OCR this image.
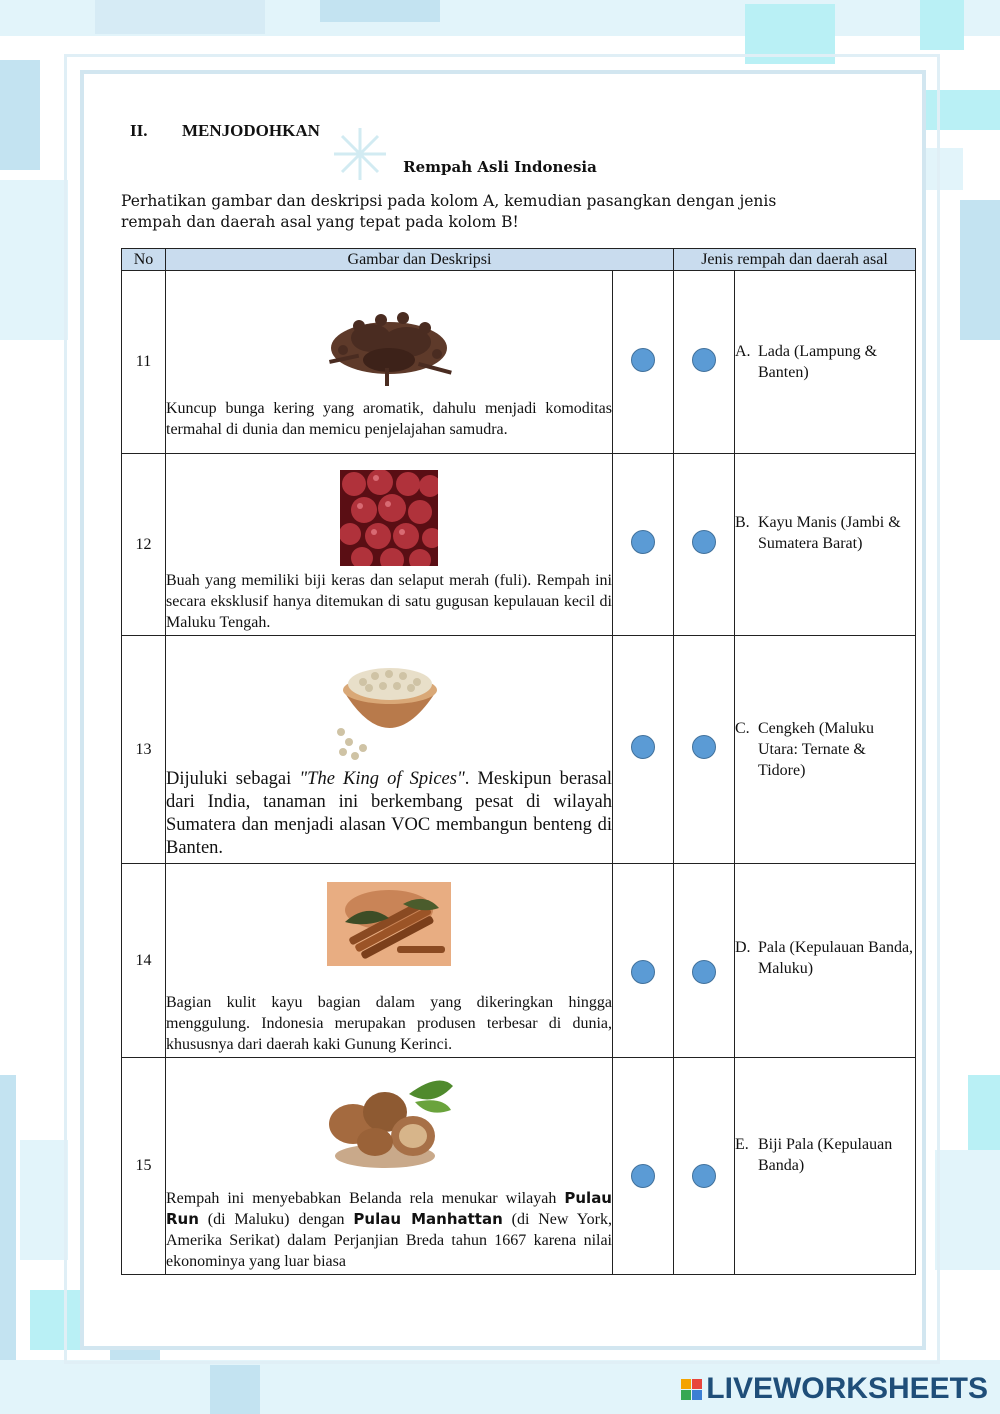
II. MENJODOHKAN
Rempah Asli Indonesia
Perhatikan gambar dan deskripsi pada kolom A, kemudian pasangkan dengan jenis rempah dan daerah asal yang tepat pada kolom B!
No	Gambar dan Deskripsi		Jenis rempah dan daerah asal	
11	Kuncup bunga kering yang aromatik, dahulu menjadi komoditas termahal di dunia dan memicu penjelajahan samudra.			A. Lada (Lampung & Banten)

12	Buah yang memiliki biji keras dan selaput merah (fuli). Rempah ini secara eksklusif hanya ditemukan di satu gugusan kepulauan kecil di Maluku Tengah.			B. Kayu Manis (Jambi & Sumatera Barat)

13	Dijuluki sebagai "The King of Spices". Meskipun berasal dari India, tanaman ini berkembang pesat di wilayah Sumatera dan menjadi alasan VOC membangun benteng di Banten.			C. Cengkeh (Maluku Utara: Ternate & Tidore)

14	Bagian kulit kayu bagian dalam yang dikeringkan hingga menggulung. Indonesia merupakan produsen terbesar di dunia, khususnya dari daerah kaki Gunung Kerinci.			D. Pala (Kepulauan Banda, Maluku)

15	Rempah ini menyebabkan Belanda rela menukar wilayah Pulau Run (di Maluku) dengan Pulau Manhattan (di New York, Amerika Serikat) dalam Perjanjian Breda tahun 1667 karena nilai ekonominya yang luar biasa			E. Biji Pala (Kepulauan Banda)
LIVEWORKSHEETS
